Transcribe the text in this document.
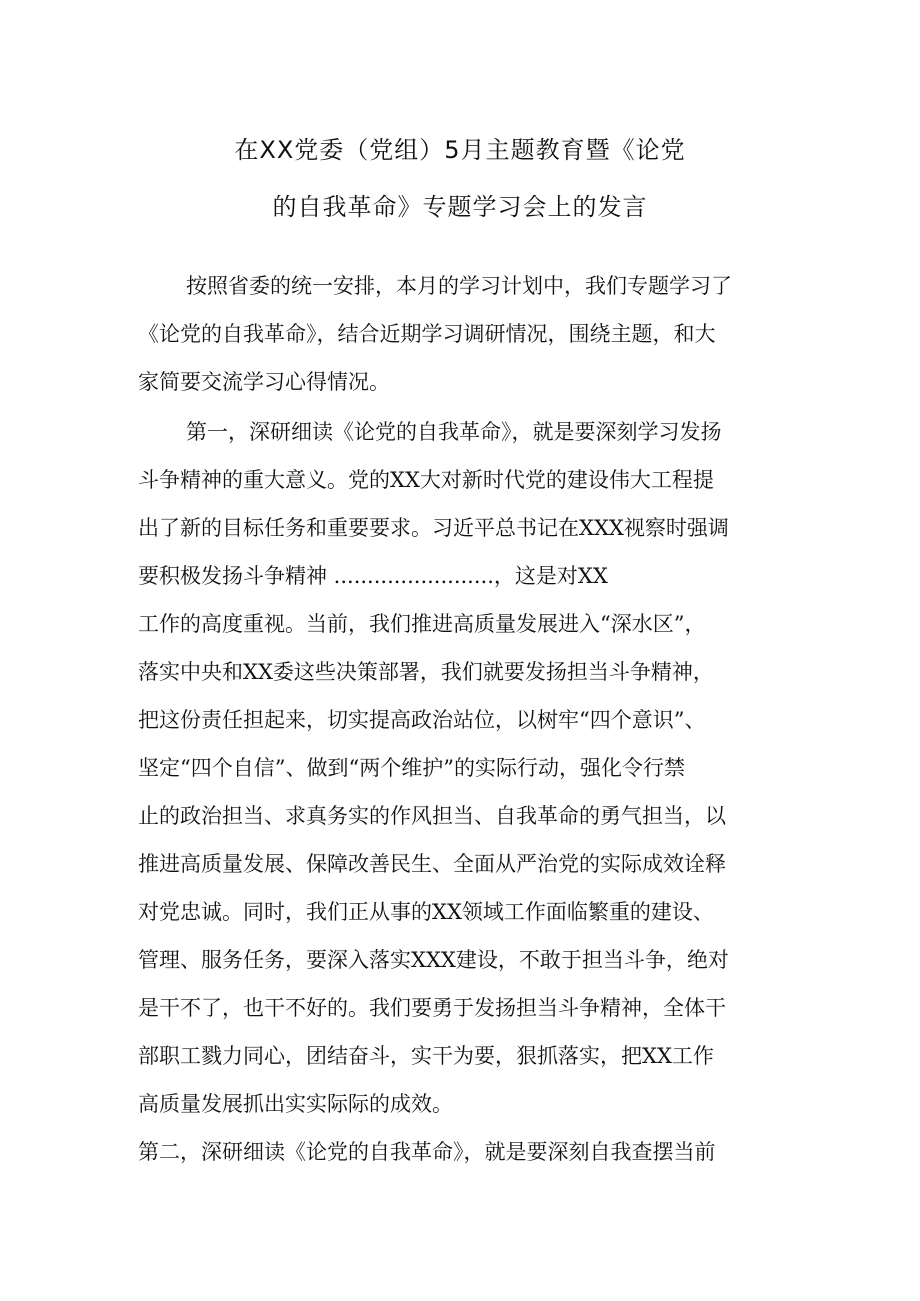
在XX党委（党组）5月主题教育暨《论党
的自我革命》专题学习会上的发言
按照省委的统一安排，本月的学习计划中，我们专题学习了
《论党的自我革命》，结合近期学习调研情况，围绕主题，和大
家简要交流学习心得情况。
第一，深研细读《论党的自我革命》，就是要深刻学习发扬
斗争精神的重大意义。党的XX大对新时代党的建设伟大工程提
出了新的目标任务和重要要求。习近平总书记在XXX视察时强调
要积极发扬斗争精神 ........................，这是对XX
工作的高度重视。当前，我们推进高质量发展进入“深水区”，
落实中央和XX委这些决策部署，我们就要发扬担当斗争精神，
把这份责任担起来，切实提高政治站位，以树牢“四个意识”、
坚定“四个自信”、做到“两个维护”的实际行动，强化令行禁
止的政治担当、求真务实的作风担当、自我革命的勇气担当，以
推进高质量发展、保障改善民生、全面从严治党的实际成效诠释
对党忠诚。同时，我们正从事的XX领域工作面临繁重的建设、
管理、服务任务，要深入落实XXX建设，不敢于担当斗争，绝对
是干不了，也干不好的。我们要勇于发扬担当斗争精神，全体干
部职工戮力同心，团结奋斗，实干为要，狠抓落实，把XX工作
高质量发展抓出实实际际的成效。
第二，深研细读《论党的自我革命》，就是要深刻自我查摆当前
